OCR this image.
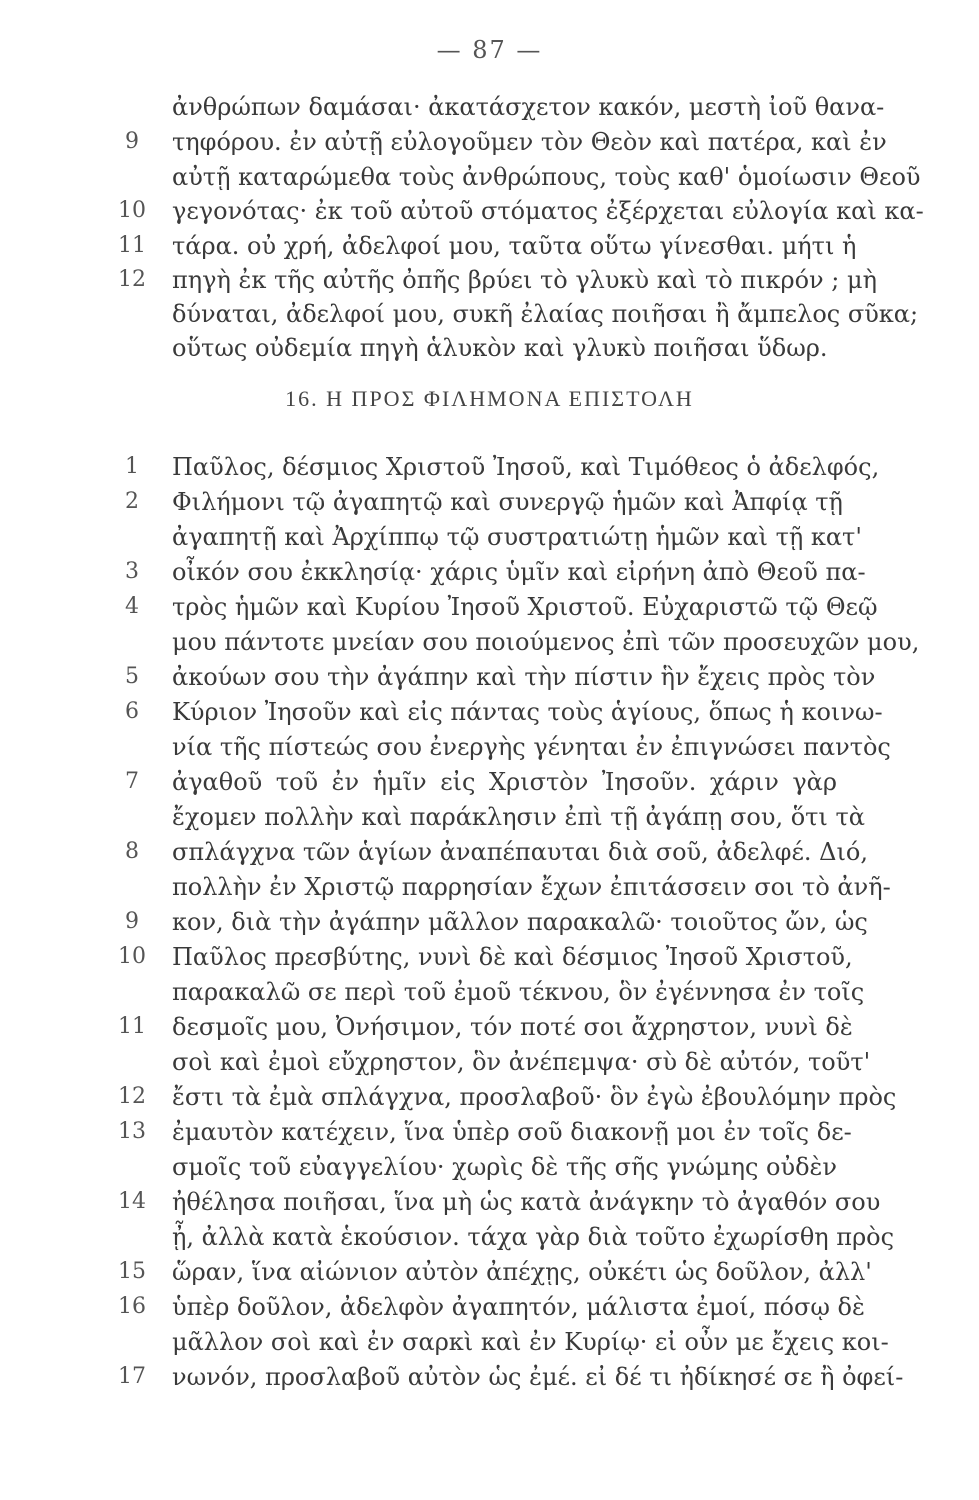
— 87 —
ἀνθρώπων δαμάσαι· ἀκατάσχετον κακόν, μεστὴ ἰοῦ θανα-
τηφόρου. ἐν αὐτῇ εὐλογοῦμεν τὸν Θεὸν καὶ πατέρα, καὶ ἐν
αὐτῇ καταρώμεθα τοὺς ἀνθρώπους, τοὺς καθ' ὁμοίωσιν Θεοῦ
γεγονότας· ἐκ τοῦ αὐτοῦ στόματος ἐξέρχεται εὐλογία καὶ κα-
τάρα. οὐ χρή, ἀδελφοί μου, ταῦτα οὕτω γίνεσθαι. μήτι ἡ
πηγὴ ἐκ τῆς αὐτῆς ὀπῆς βρύει τὸ γλυκὺ καὶ τὸ πικρόν ; μὴ
δύναται, ἀδελφοί μου, συκῆ ἐλαίας ποιῆσαι ἢ ἄμπελος σῦκα;
οὕτως οὐδεμία πηγὴ ἁλυκὸν καὶ γλυκὺ ποιῆσαι ὕδωρ.
9
10
11
12
16. Η ΠΡΟΣ ΦΙΛΗΜΟΝΑ ΕΠΙΣΤΟΛΗ
Παῦλος, δέσμιος Χριστοῦ Ἰησοῦ, καὶ Τιμόθεος ὁ ἀδελφός,
Φιλήμονι τῷ ἀγαπητῷ καὶ συνεργῷ ἡμῶν καὶ Ἀπφίᾳ τῇ
ἀγαπητῇ καὶ Ἀρχίππῳ τῷ συστρατιώτῃ ἡμῶν καὶ τῇ κατ'
οἶκόν σου ἐκκλησίᾳ· χάρις ὑμῖν καὶ εἰρήνη ἀπὸ Θεοῦ πα-
τρὸς ἡμῶν καὶ Κυρίου Ἰησοῦ Χριστοῦ. Εὐχαριστῶ τῷ Θεῷ
μου πάντοτε μνείαν σου ποιούμενος ἐπὶ τῶν προσευχῶν μου,
ἀκούων σου τὴν ἀγάπην καὶ τὴν πίστιν ἣν ἔχεις πρὸς τὸν
Κύριον Ἰησοῦν καὶ εἰς πάντας τοὺς ἁγίους, ὅπως ἡ κοινω-
νία τῆς πίστεώς σου ἐνεργὴς γένηται ἐν ἐπιγνώσει παντὸς
ἀγαθοῦ τοῦ ἐν ἡμῖν εἰς Χριστὸν Ἰησοῦν. χάριν γὰρ
ἔχομεν πολλὴν καὶ παράκλησιν ἐπὶ τῇ ἀγάπῃ σου, ὅτι τὰ
σπλάγχνα τῶν ἁγίων ἀναπέπαυται διὰ σοῦ, ἀδελφέ. Διό,
πολλὴν ἐν Χριστῷ παρρησίαν ἔχων ἐπιτάσσειν σοι τὸ ἀνῆ-
κον, διὰ τὴν ἀγάπην μᾶλλον παρακαλῶ· τοιοῦτος ὤν, ὡς
Παῦλος πρεσβύτης, νυνὶ δὲ καὶ δέσμιος Ἰησοῦ Χριστοῦ,
παρακαλῶ σε περὶ τοῦ ἐμοῦ τέκνου, ὃν ἐγέννησα ἐν τοῖς
δεσμοῖς μου, Ὀνήσιμον, τόν ποτέ σοι ἄχρηστον, νυνὶ δὲ
σοὶ καὶ ἐμοὶ εὔχρηστον, ὃν ἀνέπεμψα· σὺ δὲ αὐτόν, τοῦτ'
ἔστι τὰ ἐμὰ σπλάγχνα, προσλαβοῦ· ὃν ἐγὼ ἐβουλόμην πρὸς
ἐμαυτὸν κατέχειν, ἵνα ὑπὲρ σοῦ διακονῇ μοι ἐν τοῖς δε-
σμοῖς τοῦ εὐαγγελίου· χωρὶς δὲ τῆς σῆς γνώμης οὐδὲν
ἠθέλησα ποιῆσαι, ἵνα μὴ ὡς κατὰ ἀνάγκην τὸ ἀγαθόν σου
ᾖ, ἀλλὰ κατὰ ἑκούσιον. τάχα γὰρ διὰ τοῦτο ἐχωρίσθη πρὸς
ὥραν, ἵνα αἰώνιον αὐτὸν ἀπέχῃς, οὐκέτι ὡς δοῦλον, ἀλλ'
ὑπὲρ δοῦλον, ἀδελφὸν ἀγαπητόν, μάλιστα ἐμοί, πόσῳ δὲ
μᾶλλον σοὶ καὶ ἐν σαρκὶ καὶ ἐν Κυρίῳ· εἰ οὖν με ἔχεις κοι-
νωνόν, προσλαβοῦ αὐτὸν ὡς ἐμέ. εἰ δέ τι ἠδίκησέ σε ἢ ὀφεί-
1
2
3
4
5
6
7
8
9
10
11
12
13
14
15
16
17
